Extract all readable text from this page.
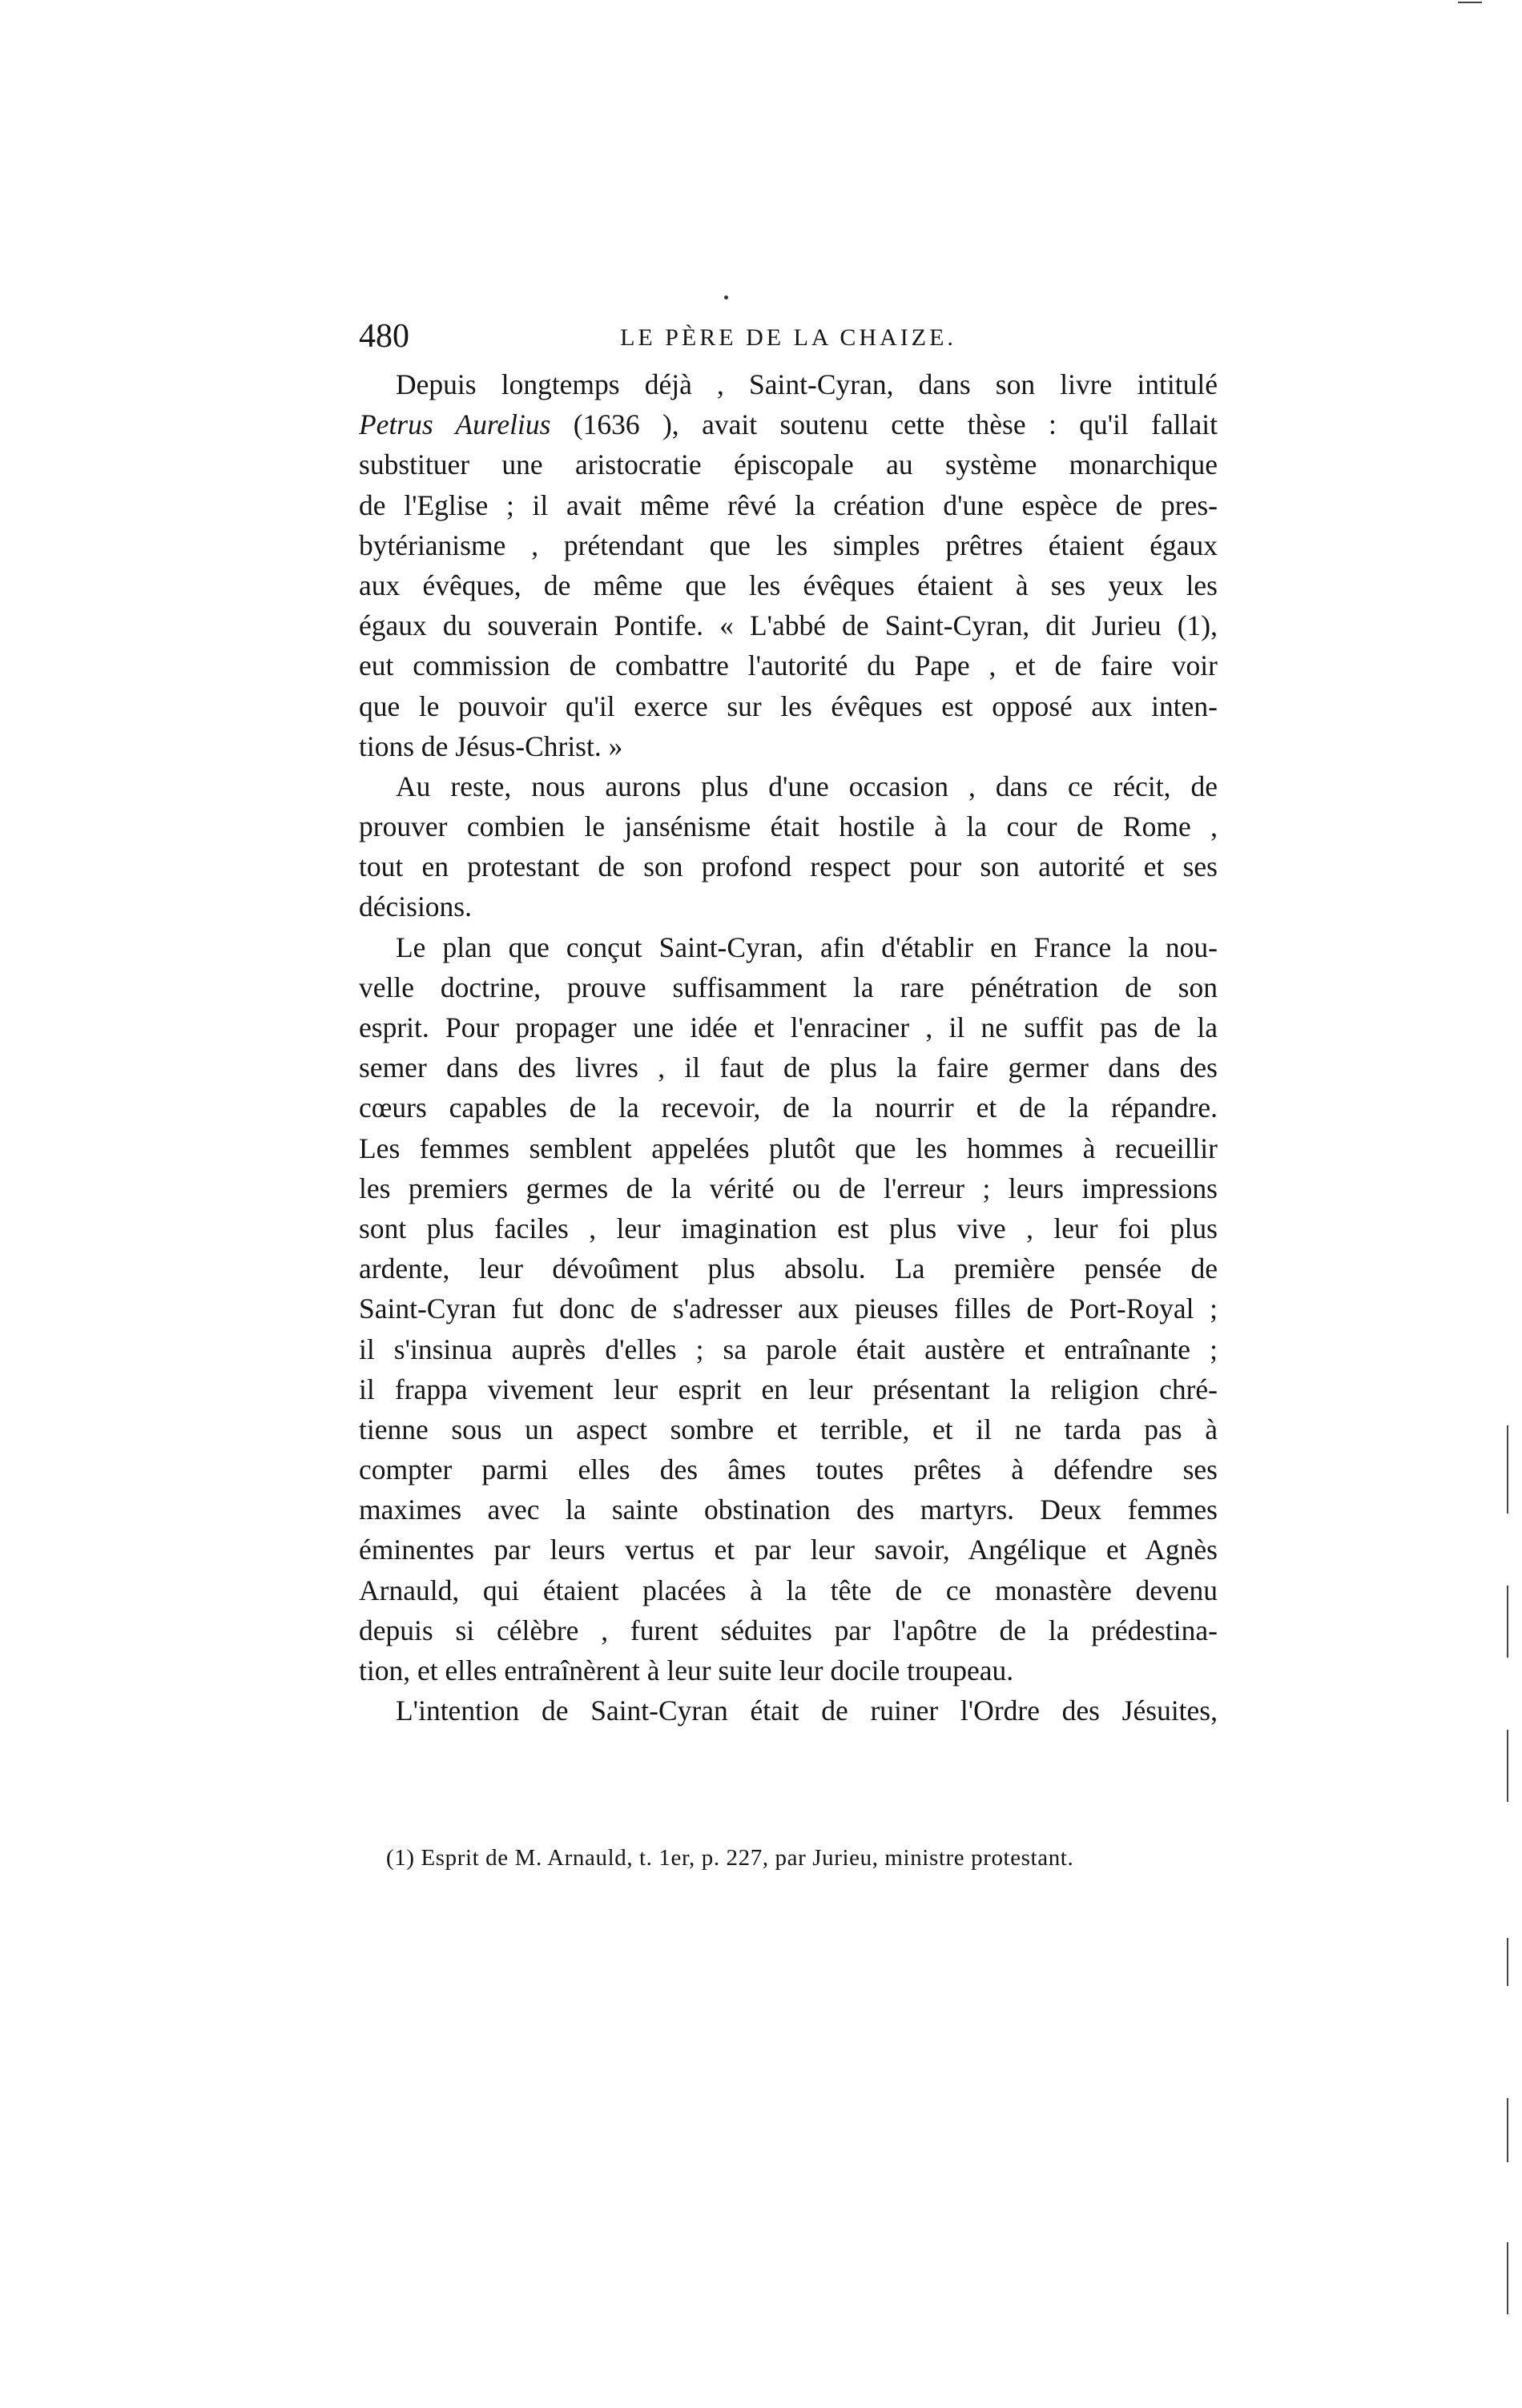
480	LE PÈRE DE LA CHAIZE.
Depuis longtemps déjà , Saint-Cyran, dans son livre intitulé
Petrus Aurelius (1636 ), avait soutenu cette thèse : qu'il fallait
substituer une aristocratie épiscopale au système monarchique
de l'Eglise ; il avait même rêvé la création d'une espèce de pres-
bytérianisme , prétendant que les simples prêtres étaient égaux
aux évêques, de même que les évêques étaient à ses yeux les
égaux du souverain Pontife. « L'abbé de Saint-Cyran, dit Jurieu (1),
eut commission de combattre l'autorité du Pape , et de faire voir
que le pouvoir qu'il exerce sur les évêques est opposé aux inten-
tions de Jésus-Christ. »
Au reste, nous aurons plus d'une occasion , dans ce récit, de
prouver combien le jansénisme était hostile à la cour de Rome ,
tout en protestant de son profond respect pour son autorité et ses
décisions.
Le plan que conçut Saint-Cyran, afin d'établir en France la nou-
velle doctrine, prouve suffisamment la rare pénétration de son
esprit. Pour propager une idée et l'enraciner , il ne suffit pas de la
semer dans des livres , il faut de plus la faire germer dans des
cœurs capables de la recevoir, de la nourrir et de la répandre.
Les femmes semblent appelées plutôt que les hommes à recueillir
les premiers germes de la vérité ou de l'erreur ; leurs impressions
sont plus faciles , leur imagination est plus vive , leur foi plus
ardente, leur dévoûment plus absolu. La première pensée de
Saint-Cyran fut donc de s'adresser aux pieuses filles de Port-Royal ;
il s'insinua auprès d'elles ; sa parole était austère et entraînante ;
il frappa vivement leur esprit en leur présentant la religion chré-
tienne sous un aspect sombre et terrible, et il ne tarda pas à
compter parmi elles des âmes toutes prêtes à défendre ses
maximes avec la sainte obstination des martyrs. Deux femmes
éminentes par leurs vertus et par leur savoir, Angélique et Agnès
Arnauld, qui étaient placées à la tête de ce monastère devenu
depuis si célèbre , furent séduites par l'apôtre de la prédestina-
tion, et elles entraînèrent à leur suite leur docile troupeau.
L'intention de Saint-Cyran était de ruiner l'Ordre des Jésuites,
(1) Esprit de M. Arnauld, t. 1er, p. 227, par Jurieu, ministre protestant.
